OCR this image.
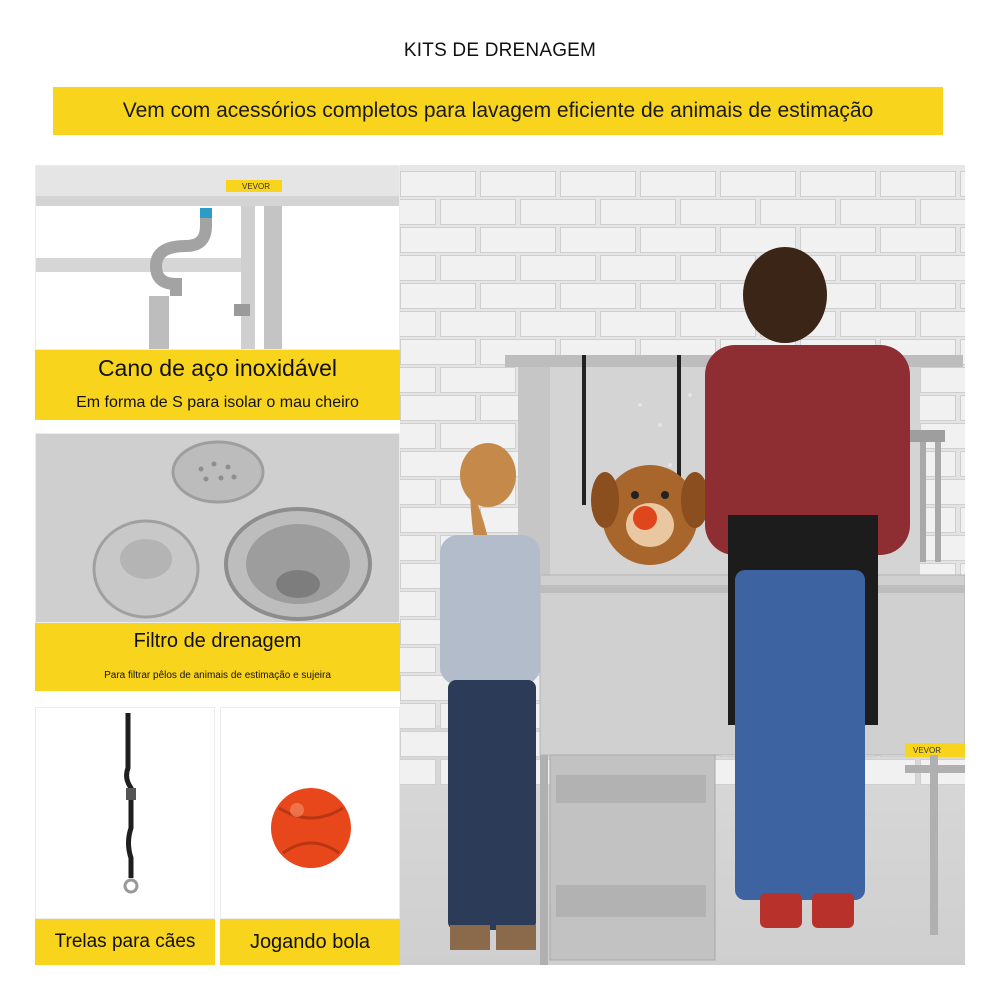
KITS DE DRENAGEM
Vem com acessórios completos para lavagem eficiente de animais de estimação
VEVOR
VEVOR
Cano de aço inoxidável
Em forma de S para isolar o mau cheiro
Filtro de drenagem
Para filtrar pêlos de animais de estimação e sujeira
Trelas para cães	Jogando bola
